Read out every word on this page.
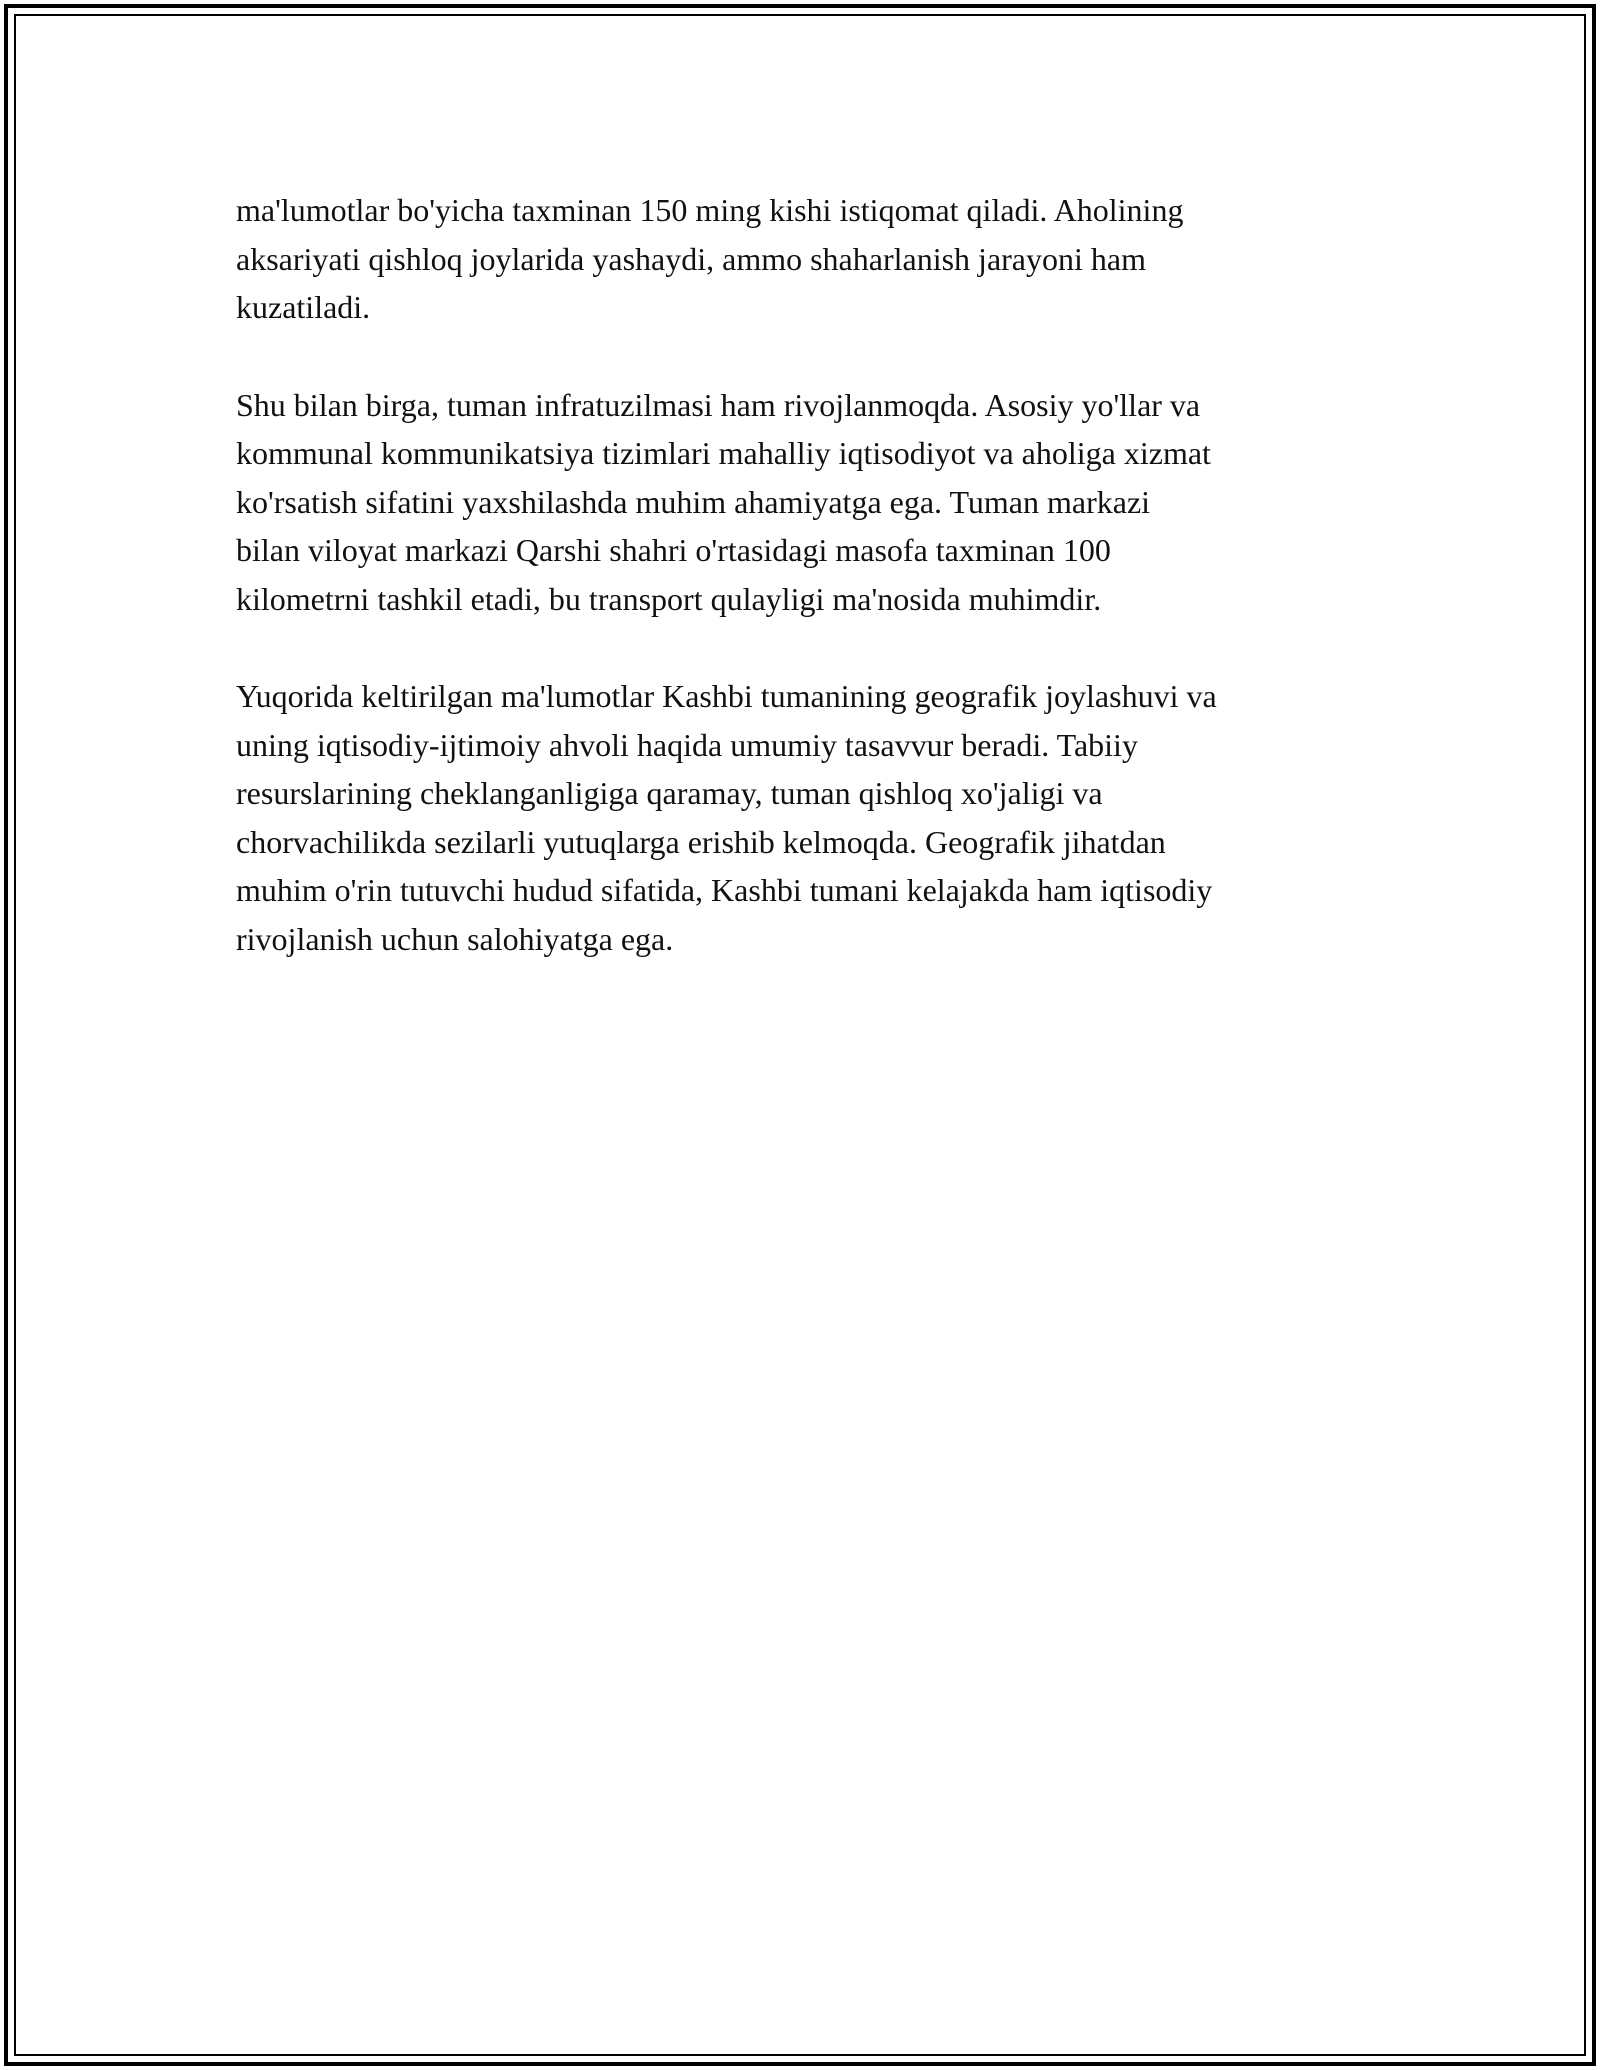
ma'lumotlar bo'yicha taxminan 150 ming kishi istiqomat qiladi. Aholining
aksariyati qishloq joylarida yashaydi, ammo shaharlanish jarayoni ham
kuzatiladi.

Shu bilan birga, tuman infratuzilmasi ham rivojlanmoqda. Asosiy yo'llar va
kommunal kommunikatsiya tizimlari mahalliy iqtisodiyot va aholiga xizmat
ko'rsatish sifatini yaxshilashda muhim ahamiyatga ega. Tuman markazi
bilan viloyat markazi Qarshi shahri o'rtasidagi masofa taxminan 100
kilometrni tashkil etadi, bu transport qulayligi ma'nosida muhimdir.

Yuqorida keltirilgan ma'lumotlar Kashbi tumanining geografik joylashuvi va
uning iqtisodiy-ijtimoiy ahvoli haqida umumiy tasavvur beradi. Tabiiy
resurslarining cheklanganligiga qaramay, tuman qishloq xo'jaligi va
chorvachilikda sezilarli yutuqlarga erishib kelmoqda. Geografik jihatdan
muhim o'rin tutuvchi hudud sifatida, Kashbi tumani kelajakda ham iqtisodiy
rivojlanish uchun salohiyatga ega.
